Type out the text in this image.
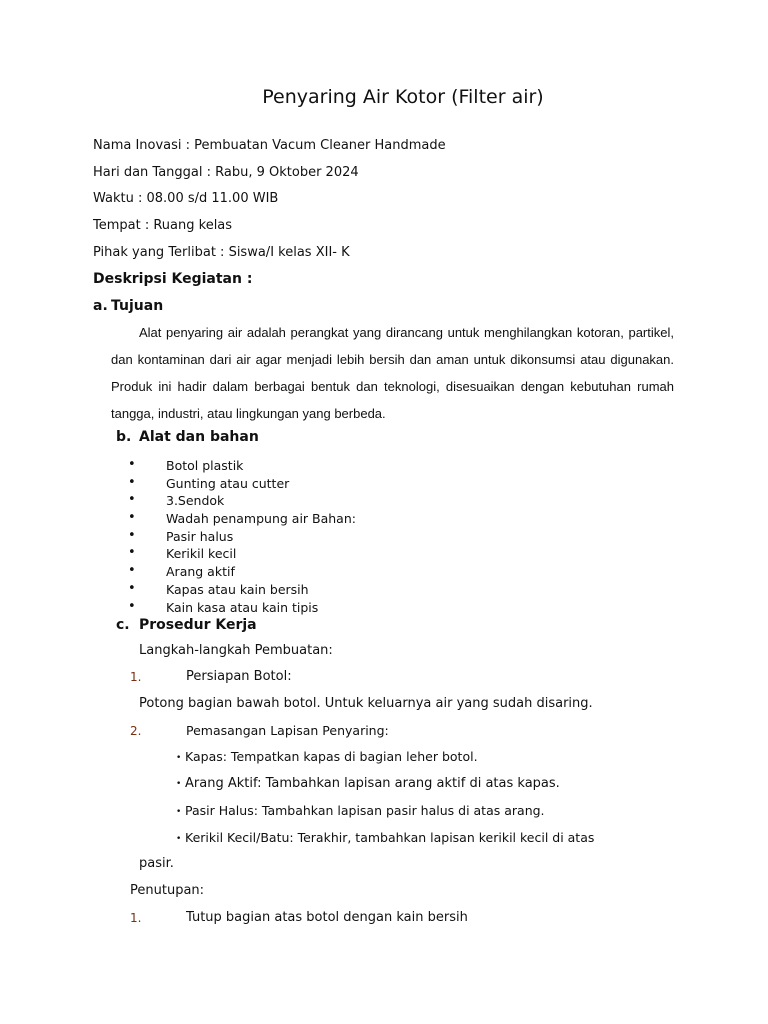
Penyaring Air Kotor (Filter air)
Nama Inovasi : Pembuatan Vacum Cleaner Handmade
Hari dan Tanggal : Rabu, 9 Oktober 2024
Waktu : 08.00 s/d 11.00 WIB
Tempat : Ruang kelas
Pihak yang Terlibat : Siswa/I kelas XII- K
Deskripsi Kegiatan :
a. Tujuan
Alat penyaring air adalah perangkat yang dirancang untuk menghilangkan kotoran, partikel, dan kontaminan dari air agar menjadi lebih bersih dan aman untuk dikonsumsi atau digunakan. Produk ini hadir dalam berbagai bentuk dan teknologi, disesuaikan dengan kebutuhan rumah tangga, industri, atau lingkungan yang berbeda.
b. Alat dan bahan
• Botol plastik
• Gunting atau cutter
• 3.Sendok
• Wadah penampung air Bahan:
• Pasir halus
• Kerikil kecil
• Arang aktif
• Kapas atau kain bersih
• Kain kasa atau kain tipis
c. Prosedur Kerja
Langkah-langkah Pembuatan:
1.	Persiapan Botol:
Potong bagian bawah botol. Untuk keluarnya air yang sudah disaring.
2.	Pemasangan Lapisan Penyaring:
• Kapas: Tempatkan kapas di bagian leher botol.
• Arang Aktif: Tambahkan lapisan arang aktif di atas kapas.
• Pasir Halus: Tambahkan lapisan pasir halus di atas arang.
• Kerikil Kecil/Batu: Terakhir, tambahkan lapisan kerikil kecil di atas
pasir.
Penutupan:
1.	Tutup bagian atas botol dengan kain bersih
